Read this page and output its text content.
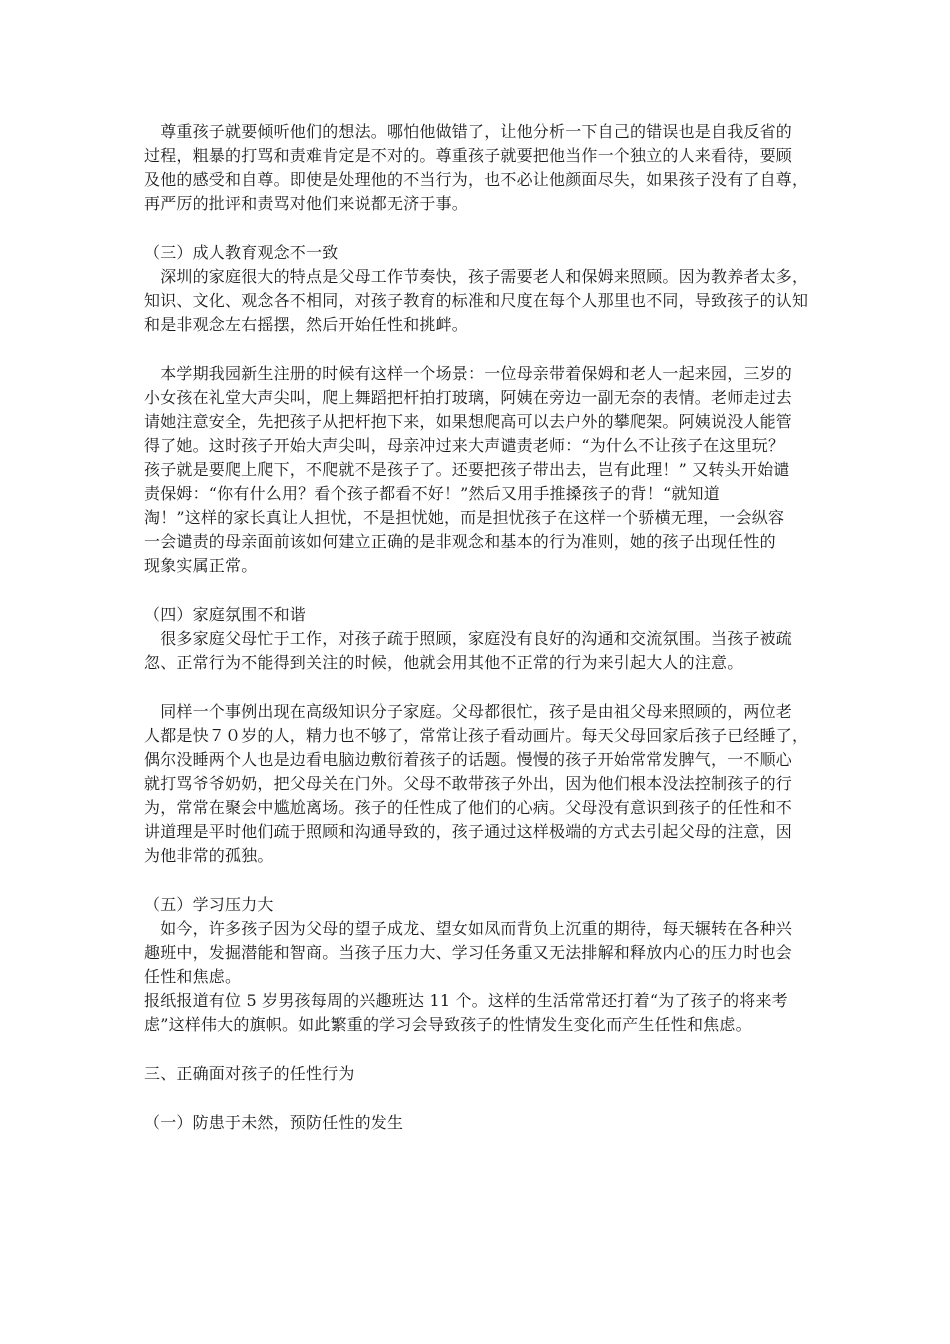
　尊重孩子就要倾听他们的想法。哪怕他做错了，让他分析一下自己的错误也是自我反省的
过程，粗暴的打骂和责难肯定是不对的。尊重孩子就要把他当作一个独立的人来看待，要顾
及他的感受和自尊。即使是处理他的不当行为，也不必让他颜面尽失，如果孩子没有了自尊，
再严厉的批评和责骂对他们来说都无济于事。
（三）成人教育观念不一致
　深圳的家庭很大的特点是父母工作节奏快，孩子需要老人和保姆来照顾。因为教养者太多，
知识、文化、观念各不相同，对孩子教育的标准和尺度在每个人那里也不同，导致孩子的认知
和是非观念左右摇摆，然后开始任性和挑衅。
　本学期我园新生注册的时候有这样一个场景：一位母亲带着保姆和老人一起来园，三岁的
小女孩在礼堂大声尖叫，爬上舞蹈把杆拍打玻璃，阿姨在旁边一副无奈的表情。老师走过去
请她注意安全，先把孩子从把杆抱下来，如果想爬高可以去户外的攀爬架。阿姨说没人能管
得了她。这时孩子开始大声尖叫，母亲冲过来大声谴责老师：“为什么不让孩子在这里玩？
孩子就是要爬上爬下，不爬就不是孩子了。还要把孩子带出去，岂有此理！” 又转头开始谴
责保姆：“你有什么用？看个孩子都看不好！”然后又用手推搡孩子的背！“就知道
淘！”这样的家长真让人担忧，不是担忧她，而是担忧孩子在这样一个骄横无理，一会纵容
一会谴责的母亲面前该如何建立正确的是非观念和基本的行为准则，她的孩子出现任性的
现象实属正常。
（四）家庭氛围不和谐
　很多家庭父母忙于工作，对孩子疏于照顾，家庭没有良好的沟通和交流氛围。当孩子被疏
忽、正常行为不能得到关注的时候，他就会用其他不正常的行为来引起大人的注意。
　同样一个事例出现在高级知识分子家庭。父母都很忙，孩子是由祖父母来照顾的，两位老
人都是快７０岁的人，精力也不够了，常常让孩子看动画片。每天父母回家后孩子已经睡了，
偶尔没睡两个人也是边看电脑边敷衍着孩子的话题。慢慢的孩子开始常常发脾气，一不顺心
就打骂爷爷奶奶，把父母关在门外。父母不敢带孩子外出，因为他们根本没法控制孩子的行
为，常常在聚会中尴尬离场。孩子的任性成了他们的心病。父母没有意识到孩子的任性和不
讲道理是平时他们疏于照顾和沟通导致的，孩子通过这样极端的方式去引起父母的注意，因
为他非常的孤独。
（五）学习压力大
　如今，许多孩子因为父母的望子成龙、望女如凤而背负上沉重的期待，每天辗转在各种兴
趣班中，发掘潜能和智商。当孩子压力大、学习任务重又无法排解和释放内心的压力时也会
任性和焦虑。
报纸报道有位 5 岁男孩每周的兴趣班达 11 个。这样的生活常常还打着“为了孩子的将来考
虑”这样伟大的旗帜。如此繁重的学习会导致孩子的性情发生变化而产生任性和焦虑。
三、正确面对孩子的任性行为
（一）防患于未然，预防任性的发生
